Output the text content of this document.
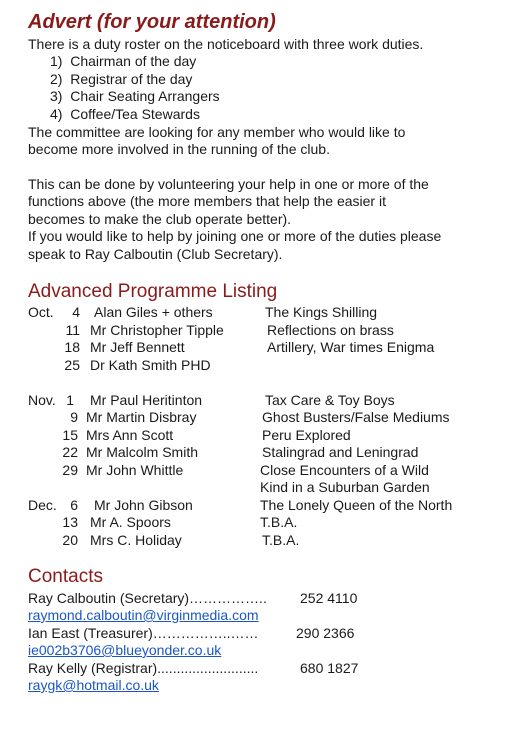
Advert (for your attention)
There is a duty roster on the noticeboard with three work duties.
1) Chairman of the day
2) Registrar of the day
3) Chair Seating Arrangers
4) Coffee/Tea Stewards
The committee are looking for any member who would like to
become more involved in the running of the club.
This can be done by volunteering your help in one or more of the
functions above (the more members that help the easier it
becomes to make the club operate better).
If you would like to help by joining one or more of the duties please
speak to Ray Calboutin (Club Secretary).
Advanced Programme Listing
Oct.	4 Alan Giles + others	The Kings Shilling
11 Mr Christopher Tipple	Reflections on brass
18 Mr Jeff Bennett	Artillery, War times Enigma
25 Dr Kath Smith PHD
Nov. 1 Mr Paul Heritinton	Tax Care & Toy Boys
9 Mr Martin Disbray	Ghost Busters/False Mediums
15 Mrs Ann Scott	Peru Explored
22 Mr Malcolm Smith	Stalingrad and Leningrad
29 Mr John Whittle	Close Encounters of a Wild
Kind in a Suburban Garden
Dec. 6 Mr John Gibson	The Lonely Queen of the North
13 Mr A. Spoors	T.B.A.
20 Mrs C. Holiday	T.B.A.
Contacts
Ray Calboutin (Secretary)…………….. 252 4110
raymond.calboutin@virginmedia.com
Ian East (Treasurer)……………..……	290 2366
ie002b3706@blueyonder.co.uk
Ray Kelly (Registrar)..........................	680 1827
raygk@hotmail.co.uk
